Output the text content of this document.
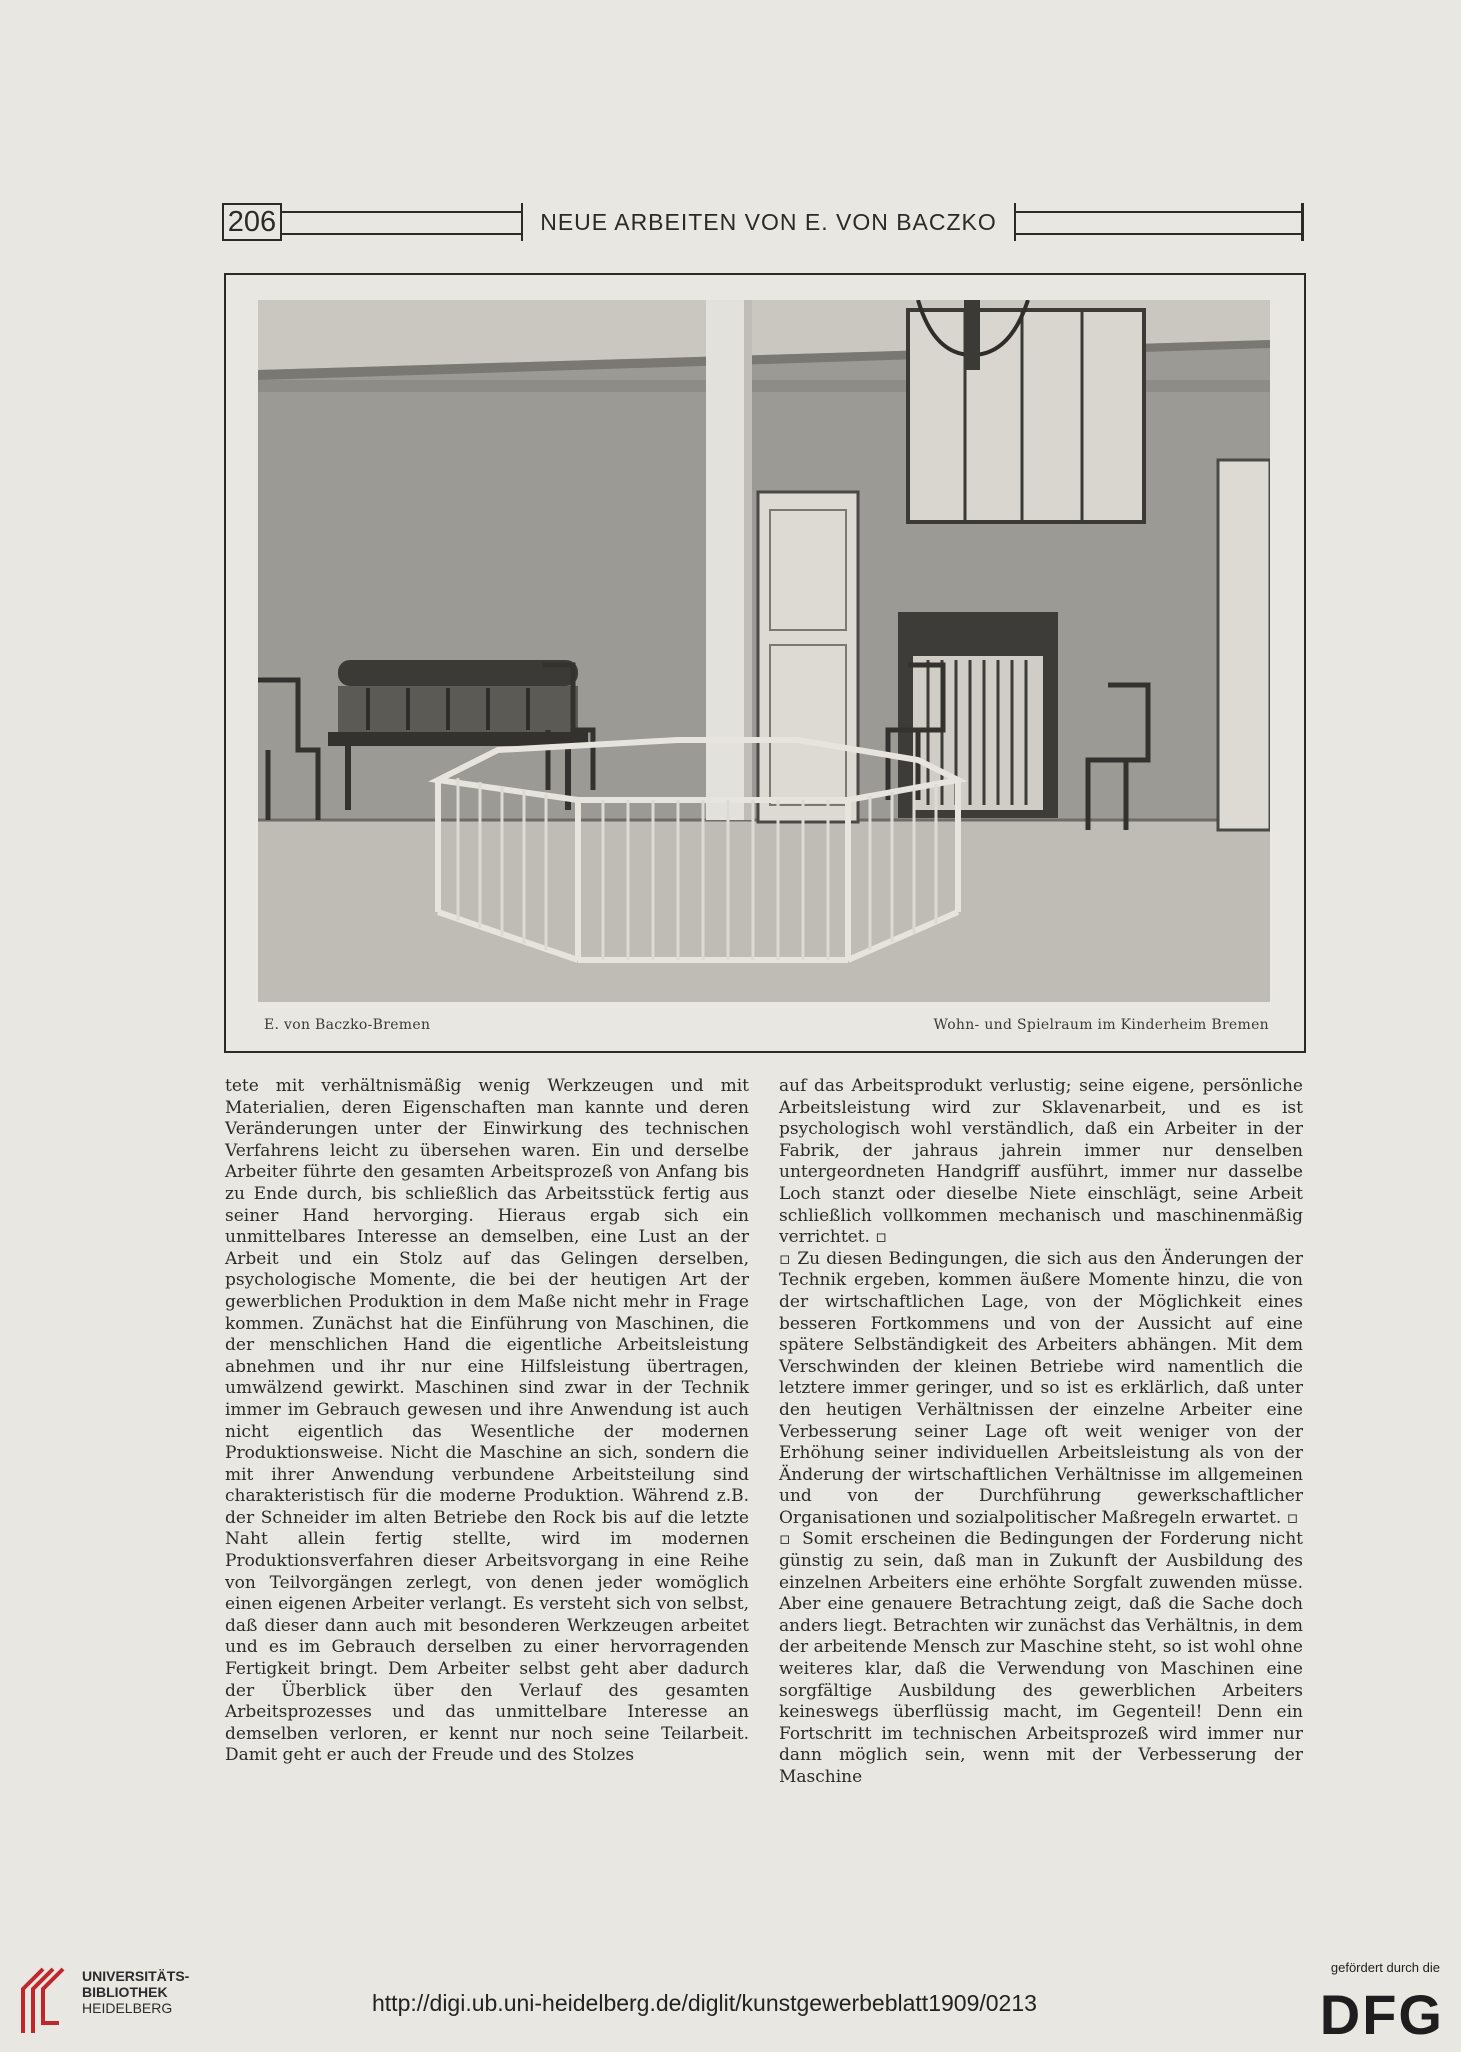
206	NEUE ARBEITEN VON E. VON BACZKO
E. von Baczko-Bremen	Wohn- und Spielraum im Kinderheim Bremen

tete mit verhältnismäßig wenig Werkzeugen und mit Materialien, deren Eigenschaften man kannte und deren Veränderungen unter der Einwirkung des technischen Verfahrens leicht zu übersehen waren. Ein und derselbe Arbeiter führte den gesamten Arbeitsprozeß von Anfang bis zu Ende durch, bis schließlich das Arbeitsstück fertig aus seiner Hand hervorging. Hieraus ergab sich ein unmittelbares Interesse an demselben, eine Lust an der Arbeit und ein Stolz auf das Gelingen derselben, psychologische Momente, die bei der heutigen Art der gewerblichen Produktion in dem Maße nicht mehr in Frage kommen. Zunächst hat die Einführung von Maschinen, die der menschlichen Hand die eigentliche Arbeitsleistung abnehmen und ihr nur eine Hilfsleistung übertragen, umwälzend gewirkt. Maschinen sind zwar in der Technik immer im Gebrauch gewesen und ihre Anwendung ist auch nicht eigentlich das Wesentliche der modernen Produktionsweise. Nicht die Maschine an sich, sondern die mit ihrer Anwendung verbundene Arbeitsteilung sind charakteristisch für die moderne Produktion. Während z.B. der Schneider im alten Betriebe den Rock bis auf die letzte Naht allein fertig stellte, wird im modernen Produktionsverfahren dieser Arbeitsvorgang in eine Reihe von Teilvorgängen zerlegt, von denen jeder womöglich einen eigenen Arbeiter verlangt. Es versteht sich von selbst, daß dieser dann auch mit besonderen Werkzeugen arbeitet und es im Gebrauch derselben zu einer hervorragenden Fertigkeit bringt. Dem Arbeiter selbst geht aber dadurch der Überblick über den Verlauf des gesamten Arbeitsprozesses und das unmittelbare Interesse an demselben verloren, er kennt nur noch seine Teilarbeit. Damit geht er auch der Freude und des Stolzes

auf das Arbeitsprodukt verlustig; seine eigene, persönliche Arbeitsleistung wird zur Sklavenarbeit, und es ist psychologisch wohl verständlich, daß ein Arbeiter in der Fabrik, der jahraus jahrein immer nur denselben untergeordneten Handgriff ausführt, immer nur dasselbe Loch stanzt oder dieselbe Niete einschlägt, seine Arbeit schließlich vollkommen mechanisch und maschinenmäßig verrichtet. ▫

▫ Zu diesen Bedingungen, die sich aus den Änderungen der Technik ergeben, kommen äußere Momente hinzu, die von der wirtschaftlichen Lage, von der Möglichkeit eines besseren Fortkommens und von der Aussicht auf eine spätere Selbständigkeit des Arbeiters abhängen. Mit dem Verschwinden der kleinen Betriebe wird namentlich die letztere immer geringer, und so ist es erklärlich, daß unter den heutigen Verhältnissen der einzelne Arbeiter eine Verbesserung seiner Lage oft weit weniger von der Erhöhung seiner individuellen Arbeitsleistung als von der Änderung der wirtschaftlichen Verhältnisse im allgemeinen und von der Durchführung gewerkschaftlicher Organisationen und sozialpolitischer Maßregeln erwartet. ▫

▫ Somit erscheinen die Bedingungen der Forderung nicht günstig zu sein, daß man in Zukunft der Ausbildung des einzelnen Arbeiters eine erhöhte Sorgfalt zuwenden müsse. Aber eine genauere Betrachtung zeigt, daß die Sache doch anders liegt. Betrachten wir zunächst das Verhältnis, in dem der arbeitende Mensch zur Maschine steht, so ist wohl ohne weiteres klar, daß die Verwendung von Maschinen eine sorgfältige Ausbildung des gewerblichen Arbeiters keineswegs überflüssig macht, im Gegenteil! Denn ein Fortschritt im technischen Arbeitsprozeß wird immer nur dann möglich sein, wenn mit der Verbesserung der Maschine

UNIVERSITÄTS-
BIBLIOTHEK
HEIDELBERG	http://digi.ub.uni-heidelberg.de/diglit/kunstgewerbeblatt1909/0213
gefördert durch die
DFG
